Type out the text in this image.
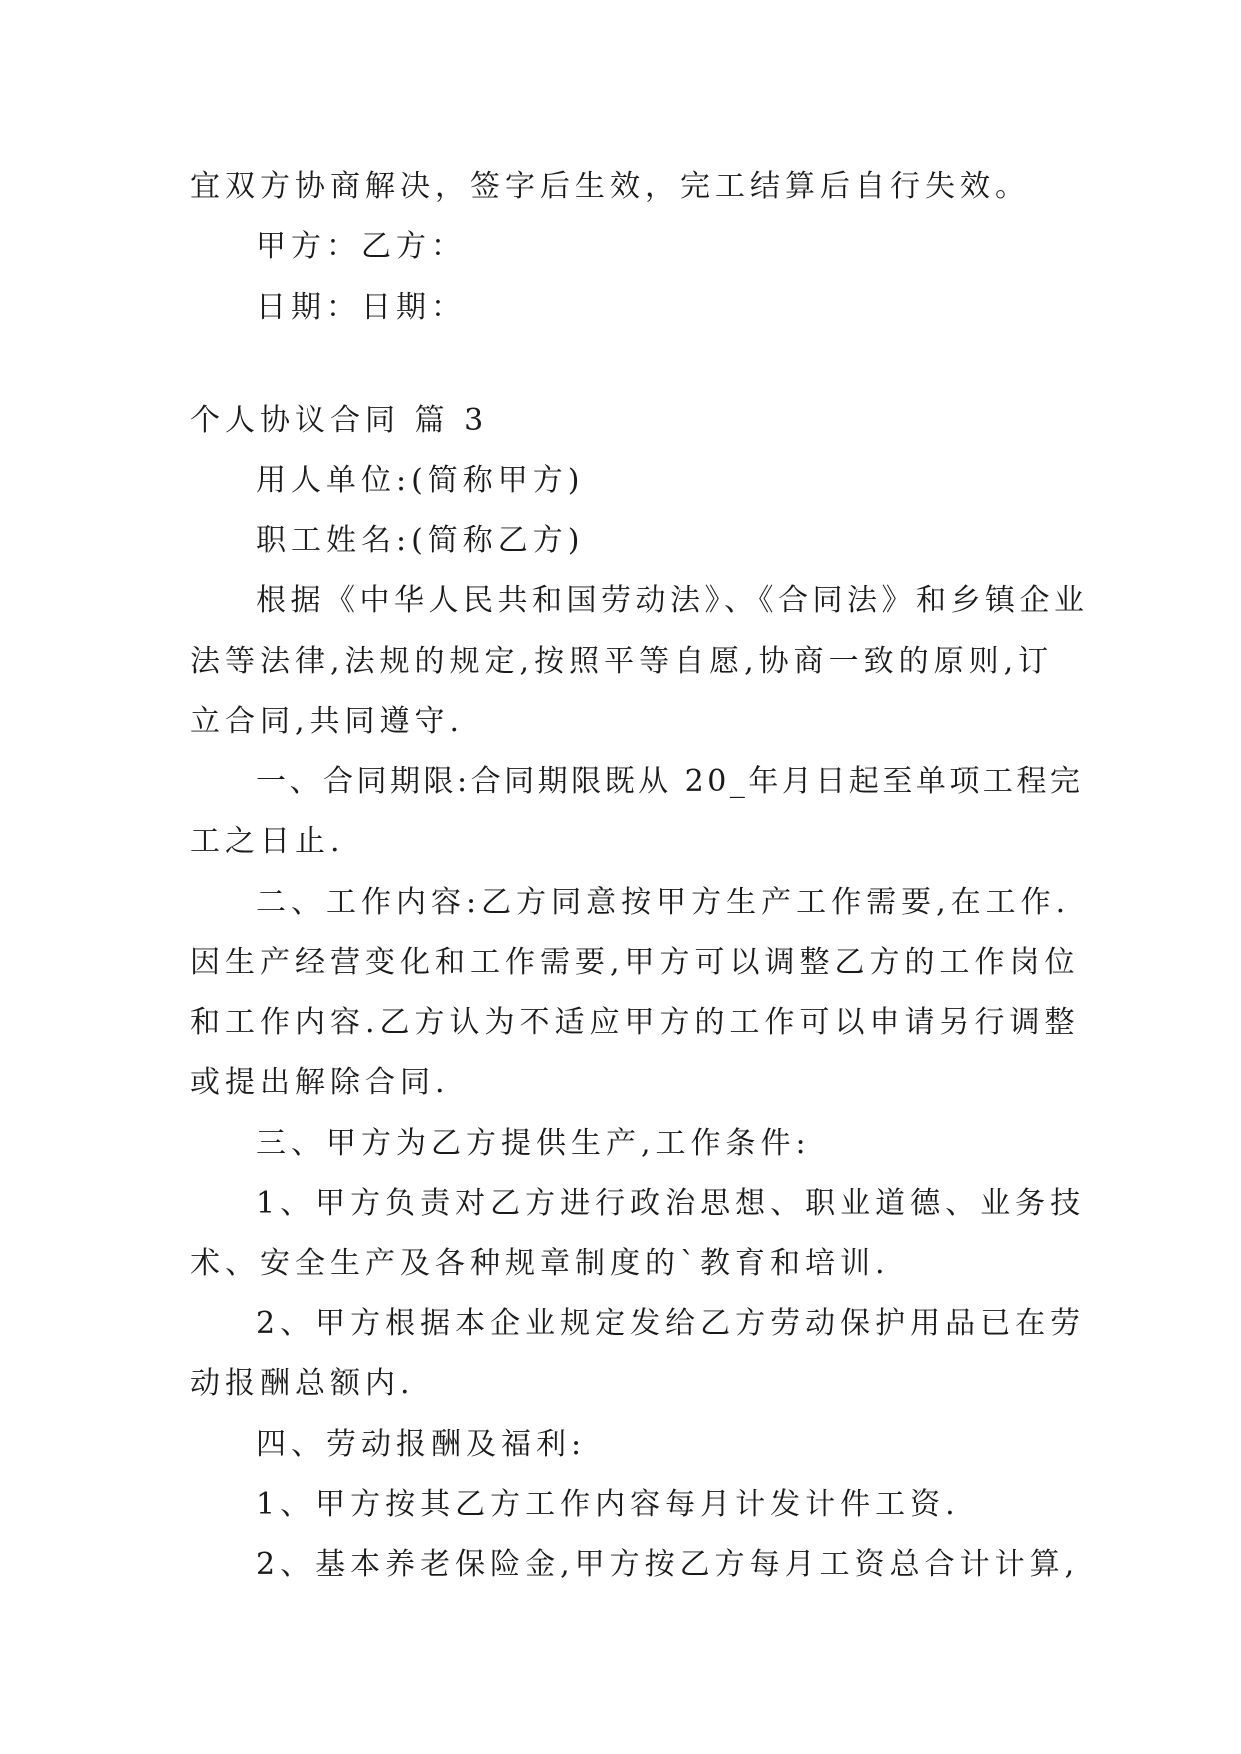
宜双方协商解决，签字后生效，完工结算后自行失效。
甲方：乙方：
日期：日期：
个人协议合同 篇 3
用人单位:(简称甲方)
职工姓名:(简称乙方)
根据《中华人民共和国劳动法》、《合同法》和乡镇企业
法等法律,法规的规定,按照平等自愿,协商一致的原则,订
立合同,共同遵守.
一、合同期限:合同期限既从 20_年月日起至单项工程完
工之日止.
二、工作内容:乙方同意按甲方生产工作需要,在工作.
因生产经营变化和工作需要,甲方可以调整乙方的工作岗位
和工作内容.乙方认为不适应甲方的工作可以申请另行调整
或提出解除合同.
三、甲方为乙方提供生产,工作条件:
1、甲方负责对乙方进行政治思想、职业道德、业务技
术、安全生产及各种规章制度的`教育和培训.
2、甲方根据本企业规定发给乙方劳动保护用品已在劳
动报酬总额内.
四、劳动报酬及福利:
1、甲方按其乙方工作内容每月计发计件工资.
2、基本养老保险金,甲方按乙方每月工资总合计计算,
